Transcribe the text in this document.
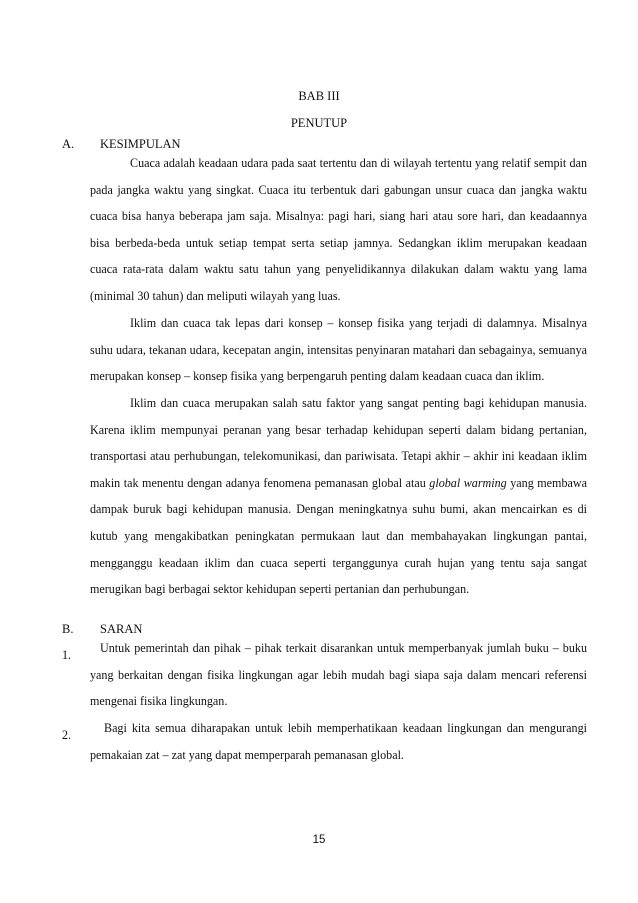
BAB III
PENUTUP
A. KESIMPULAN

Cuaca adalah keadaan udara pada saat tertentu dan di wilayah tertentu yang relatif sempit dan pada jangka waktu yang singkat. Cuaca itu terbentuk dari gabungan unsur cuaca dan jangka waktu cuaca bisa hanya beberapa jam saja. Misalnya: pagi hari, siang hari atau sore hari, dan keadaannya bisa berbeda-beda untuk setiap tempat serta setiap jamnya. Sedangkan iklim merupakan keadaan cuaca rata-rata dalam waktu satu tahun yang penyelidikannya dilakukan dalam waktu yang lama (minimal 30 tahun) dan meliputi wilayah yang luas.

Iklim dan cuaca tak lepas dari konsep – konsep fisika yang terjadi di dalamnya. Misalnya suhu udara, tekanan udara, kecepatan angin, intensitas penyinaran matahari dan sebagainya, semuanya merupakan konsep – konsep fisika yang berpengaruh penting dalam keadaan cuaca dan iklim.

Iklim dan cuaca merupakan salah satu faktor yang sangat penting bagi kehidupan manusia. Karena iklim mempunyai peranan yang besar terhadap kehidupan seperti dalam bidang pertanian, transportasi atau perhubungan, telekomunikasi, dan pariwisata. Tetapi akhir – akhir ini keadaan iklim makin tak menentu dengan adanya fenomena pemanasan global atau global warming yang membawa dampak buruk bagi kehidupan manusia. Dengan meningkatnya suhu bumi, akan mencairkan es di kutub yang mengakibatkan peningkatan permukaan laut dan membahayakan lingkungan pantai, mengganggu keadaan iklim dan cuaca seperti terganggunya curah hujan yang tentu saja sangat merugikan bagi berbagai sektor kehidupan seperti pertanian dan perhubungan.

B. SARAN
1.	Untuk pemerintah dan pihak – pihak terkait disarankan untuk memperbanyak jumlah buku – buku yang berkaitan dengan fisika lingkungan agar lebih mudah bagi siapa saja dalam mencari referensi mengenai fisika lingkungan.

2.	Bagi kita semua diharapakan untuk lebih memperhatikaan keadaan lingkungan dan mengurangi pemakaian zat – zat yang dapat memperparah pemanasan global.

15
